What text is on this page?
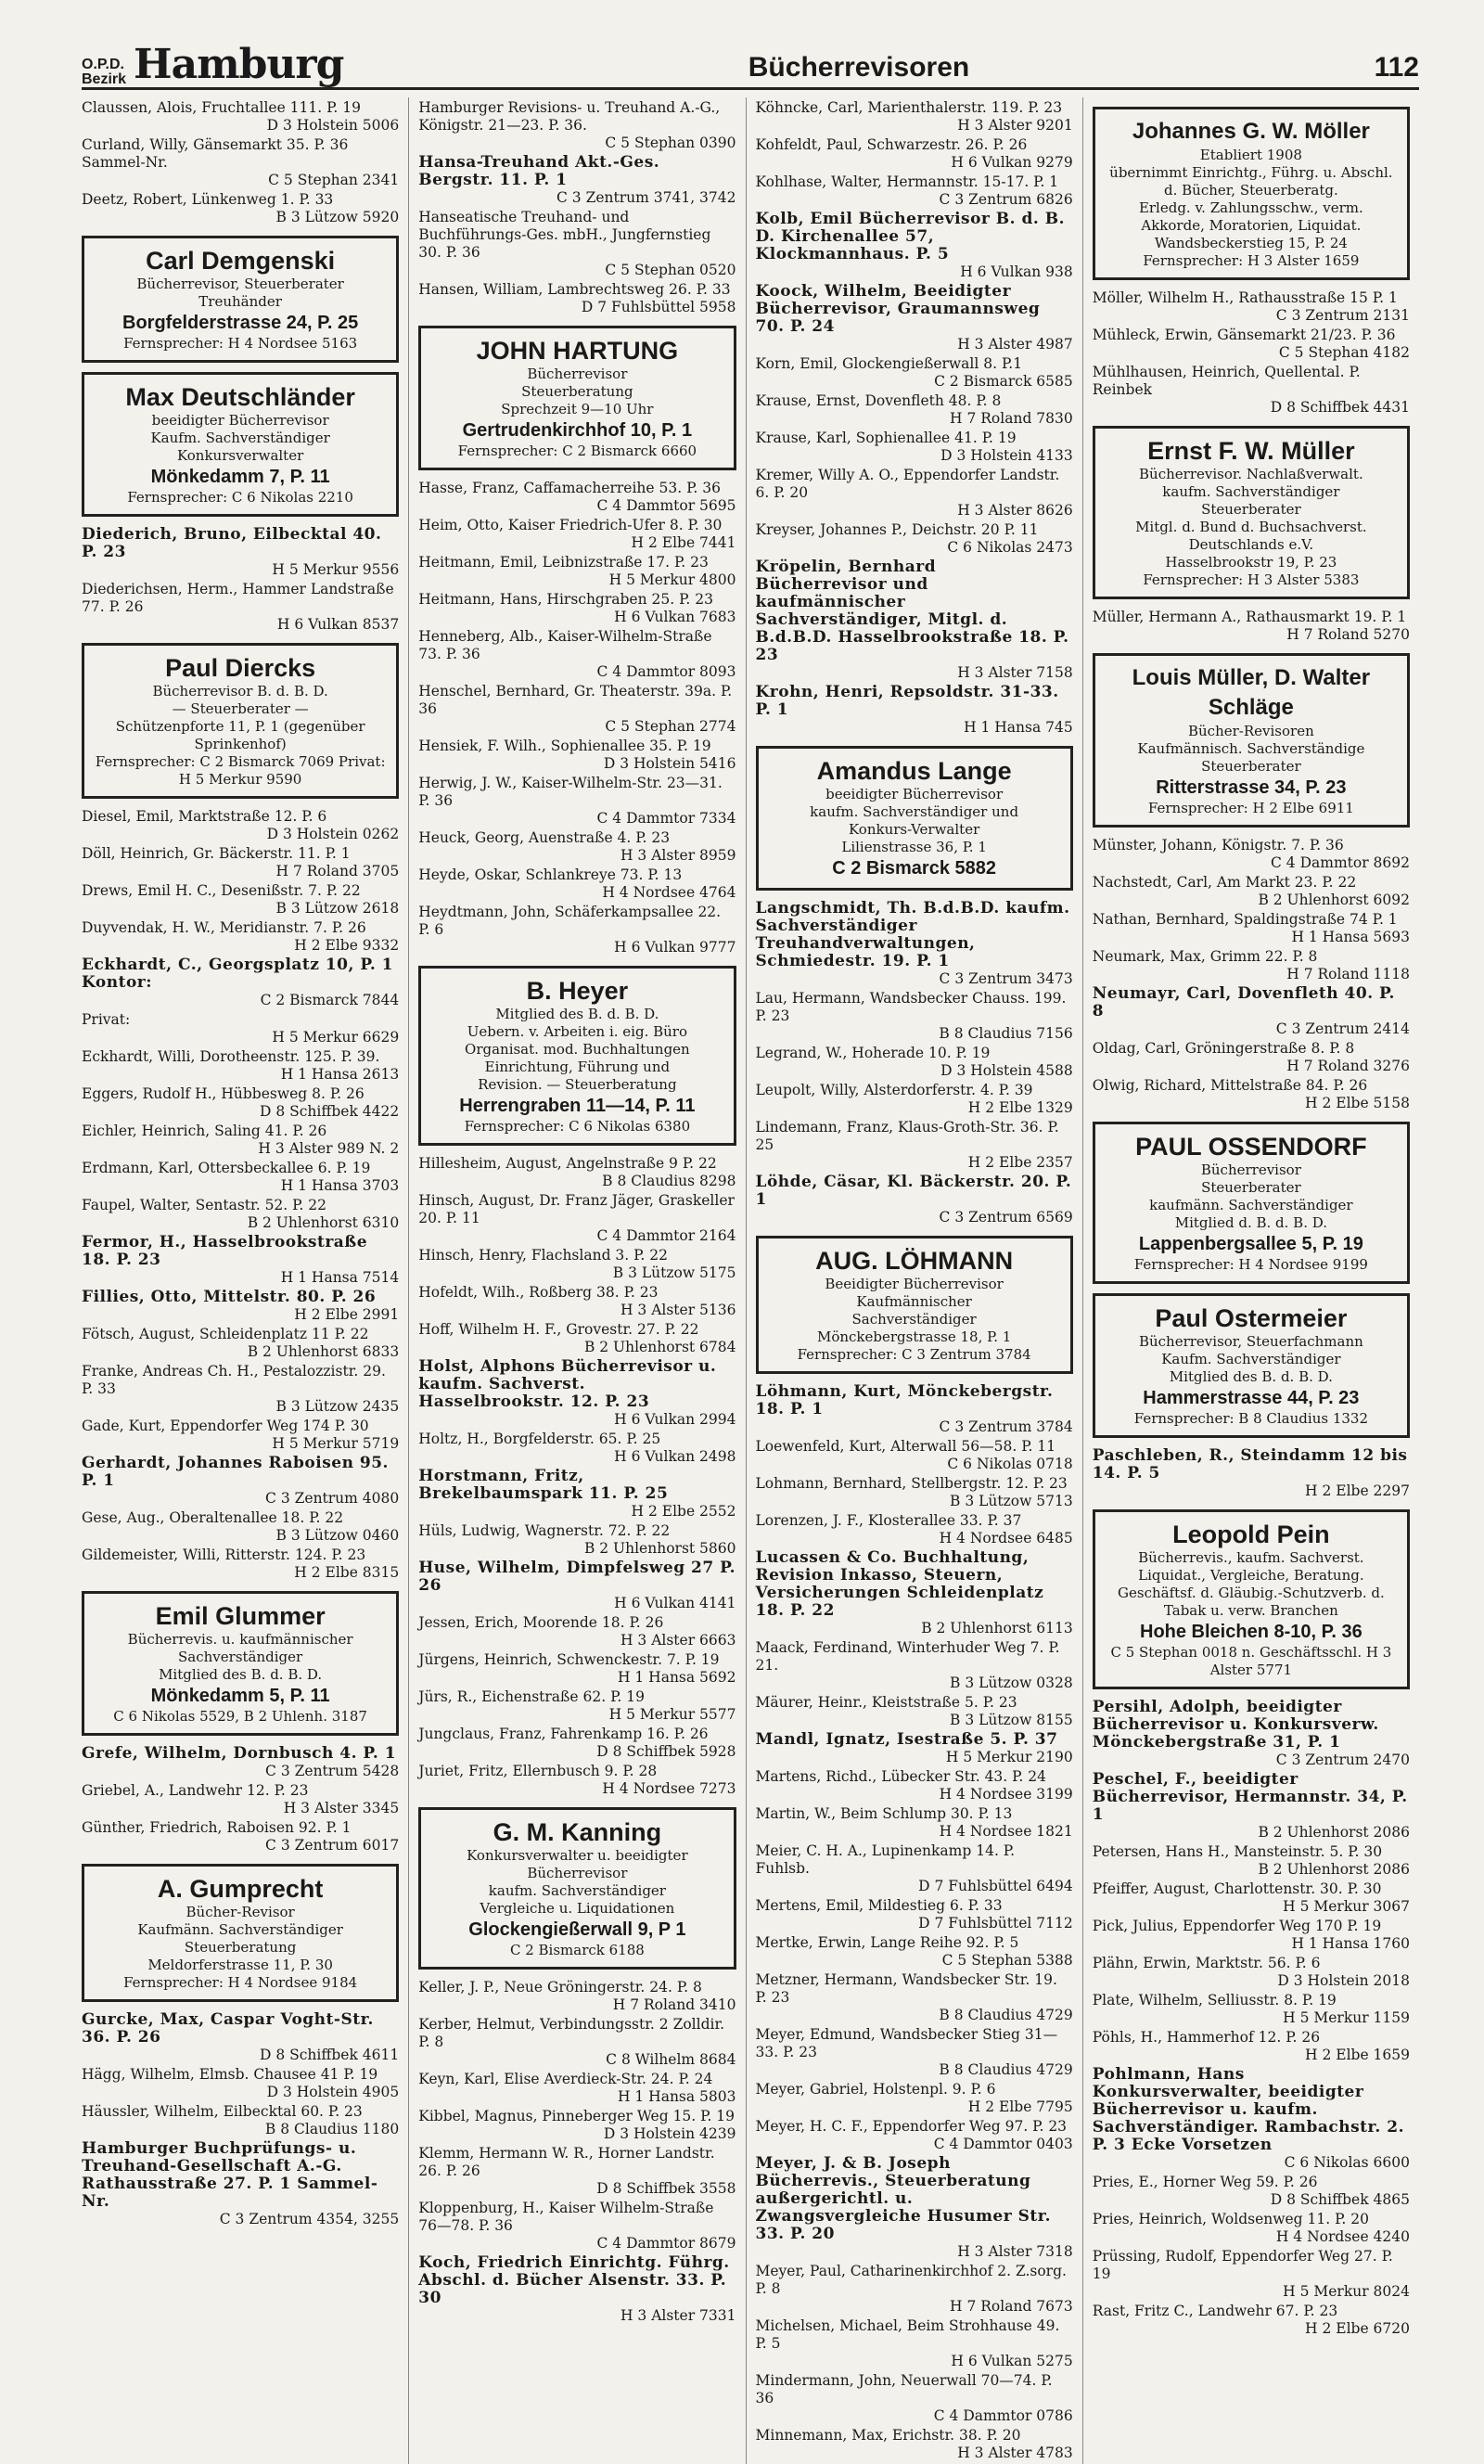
O.P.D.
Bezirk Hamburg	Bücherrevisoren	112
Claussen, Alois, Fruchtallee 111. P. 19
D 3 Holstein 5006
Curland, Willy, Gänsemarkt 35. P. 36 Sammel-Nr.
C 5 Stephan 2341
Deetz, Robert, Lünkenweg 1. P. 33
B 3 Lützow 5920
Carl Demgenski
Bücherrevisor, Steuerberater
Treuhänder
Borgfelderstrasse 24, P. 25
Fernsprecher: H 4 Nordsee 5163
Max Deutschländer
beeidigter Bücherrevisor
Kaufm. Sachverständiger
Konkursverwalter
Mönkedamm 7, P. 11
Fernsprecher: C 6 Nikolas 2210
Diederich, Bruno, Eilbecktal 40. P. 23
H 5 Merkur 9556
Diederichsen, Herm., Hammer Landstraße 77. P. 26
H 6 Vulkan 8537
Paul Diercks
Bücherrevisor B. d. B. D.
— Steuerberater —
Schützenpforte 11, P. 1 (gegenüber Sprinkenhof)
Fernsprecher: C 2 Bismarck 7069 Privat: H 5 Merkur 9590
Diesel, Emil, Marktstraße 12. P. 6
D 3 Holstein 0262
Döll, Heinrich, Gr. Bäckerstr. 11. P. 1
H 7 Roland 3705
Drews, Emil H. C., Desenißstr. 7. P. 22
B 3 Lützow 2618
Duyvendak, H. W., Meridianstr. 7. P. 26
H 2 Elbe 9332
Eckhardt, C., Georgsplatz 10, P. 1 Kontor:
C 2 Bismarck 7844
Privat:
H 5 Merkur 6629
Eckhardt, Willi, Dorotheenstr. 125. P. 39.
H 1 Hansa 2613
Eggers, Rudolf H., Hübbesweg 8. P. 26
D 8 Schiffbek 4422
Eichler, Heinrich, Saling 41. P. 26
H 3 Alster 989 N. 2
Erdmann, Karl, Ottersbeckallee 6. P. 19
H 1 Hansa 3703
Faupel, Walter, Sentastr. 52. P. 22
B 2 Uhlenhorst 6310
Fermor, H., Hasselbrookstraße 18. P. 23
H 1 Hansa 7514
Fillies, Otto, Mittelstr. 80. P. 26
H 2 Elbe 2991
Fötsch, August, Schleidenplatz 11 P. 22
B 2 Uhlenhorst 6833
Franke, Andreas Ch. H., Pestalozzistr. 29. P. 33
B 3 Lützow 2435
Gade, Kurt, Eppendorfer Weg 174 P. 30
H 5 Merkur 5719
Gerhardt, Johannes Raboisen 95. P. 1
C 3 Zentrum 4080
Gese, Aug., Oberaltenallee 18. P. 22
B 3 Lützow 0460
Gildemeister, Willi, Ritterstr. 124. P. 23
H 2 Elbe 8315
Emil Glummer
Bücherrevis. u. kaufmännischer
Sachverständiger
Mitglied des B. d. B. D.
Mönkedamm 5, P. 11
C 6 Nikolas 5529, B 2 Uhlenh. 3187
Grefe, Wilhelm, Dornbusch 4. P. 1
C 3 Zentrum 5428
Griebel, A., Landwehr 12. P. 23
H 3 Alster 3345
Günther, Friedrich, Raboisen 92. P. 1
C 3 Zentrum 6017
A. Gumprecht
Bücher-Revisor
Kaufmänn. Sachverständiger
Steuerberatung
Meldorferstrasse 11, P. 30
Fernsprecher: H 4 Nordsee 9184
Gurcke, Max, Caspar Voght-Str. 36. P. 26
D 8 Schiffbek 4611
Hägg, Wilhelm, Elmsb. Chausee 41 P. 19
D 3 Holstein 4905
Häussler, Wilhelm, Eilbecktal 60. P. 23
B 8 Claudius 1180
Hamburger Buchprüfungs- u. Treuhand-Gesellschaft A.-G. Rathausstraße 27. P. 1 Sammel-Nr.
C 3 Zentrum 4354, 3255
Hamburger Revisions- u. Treuhand A.-G., Königstr. 21—23. P. 36.
C 5 Stephan 0390
Hansa-Treuhand Akt.-Ges. Bergstr. 11. P. 1
C 3 Zentrum 3741, 3742
Hanseatische Treuhand- und Buchführungs-Ges. mbH., Jungfernstieg 30. P. 36
C 5 Stephan 0520
Hansen, William, Lambrechtsweg 26. P. 33
D 7 Fuhlsbüttel 5958
JOHN HARTUNG
Bücherrevisor
Steuerberatung
Sprechzeit 9—10 Uhr
Gertrudenkirchhof 10, P. 1
Fernsprecher: C 2 Bismarck 6660
Hasse, Franz, Caffamacherreihe 53. P. 36
C 4 Dammtor 5695
Heim, Otto, Kaiser Friedrich-Ufer 8. P. 30
H 2 Elbe 7441
Heitmann, Emil, Leibnizstraße 17. P. 23
H 5 Merkur 4800
Heitmann, Hans, Hirschgraben 25. P. 23
H 6 Vulkan 7683
Henneberg, Alb., Kaiser-Wilhelm-Straße 73. P. 36
C 4 Dammtor 8093
Henschel, Bernhard, Gr. Theaterstr. 39a. P. 36
C 5 Stephan 2774
Hensiek, F. Wilh., Sophienallee 35. P. 19
D 3 Holstein 5416
Herwig, J. W., Kaiser-Wilhelm-Str. 23—31. P. 36
C 4 Dammtor 7334
Heuck, Georg, Auenstraße 4. P. 23
H 3 Alster 8959
Heyde, Oskar, Schlankreye 73. P. 13
H 4 Nordsee 4764
Heydtmann, John, Schäferkampsallee 22. P. 6
H 6 Vulkan 9777
B. Heyer
Mitglied des B. d. B. D.
Uebern. v. Arbeiten i. eig. Büro
Organisat. mod. Buchhaltungen
Einrichtung, Führung und
Revision. — Steuerberatung
Herrengraben 11—14, P. 11
Fernsprecher: C 6 Nikolas 6380
Hillesheim, August, Angelnstraße 9 P. 22
B 8 Claudius 8298
Hinsch, August, Dr. Franz Jäger, Graskeller 20. P. 11
C 4 Dammtor 2164
Hinsch, Henry, Flachsland 3. P. 22
B 3 Lützow 5175
Hofeldt, Wilh., Roßberg 38. P. 23
H 3 Alster 5136
Hoff, Wilhelm H. F., Grovestr. 27. P. 22
B 2 Uhlenhorst 6784
Holst, Alphons Bücherrevisor u. kaufm. Sachverst. Hasselbrookstr. 12. P. 23
H 6 Vulkan 2994
Holtz, H., Borgfelderstr. 65. P. 25
H 6 Vulkan 2498
Horstmann, Fritz, Brekelbaumspark 11. P. 25
H 2 Elbe 2552
Hüls, Ludwig, Wagnerstr. 72. P. 22
B 2 Uhlenhorst 5860
Huse, Wilhelm, Dimpfelsweg 27 P. 26
H 6 Vulkan 4141
Jessen, Erich, Moorende 18. P. 26
H 3 Alster 6663
Jürgens, Heinrich, Schwenckestr. 7. P. 19
H 1 Hansa 5692
Jürs, R., Eichenstraße 62. P. 19
H 5 Merkur 5577
Jungclaus, Franz, Fahrenkamp 16. P. 26
D 8 Schiffbek 5928
Juriet, Fritz, Ellernbusch 9. P. 28
H 4 Nordsee 7273
G. M. Kanning
Konkursverwalter u. beeidigter
Bücherrevisor
kaufm. Sachverständiger
Vergleiche u. Liquidationen
Glockengießerwall 9, P 1
C 2 Bismarck 6188
Keller, J. P., Neue Gröningerstr. 24. P. 8
H 7 Roland 3410
Kerber, Helmut, Verbindungsstr. 2 Zolldir. P. 8
C 8 Wilhelm 8684
Keyn, Karl, Elise Averdieck-Str. 24. P. 24
H 1 Hansa 5803
Kibbel, Magnus, Pinneberger Weg 15. P. 19
D 3 Holstein 4239
Klemm, Hermann W. R., Horner Landstr. 26. P. 26
D 8 Schiffbek 3558
Kloppenburg, H., Kaiser Wilhelm-Straße 76—78. P. 36
C 4 Dammtor 8679
Koch, Friedrich Einrichtg. Führg. Abschl. d. Bücher Alsenstr. 33. P. 30
H 3 Alster 7331
Köhncke, Carl, Marienthalerstr. 119. P. 23
H 3 Alster 9201
Kohfeldt, Paul, Schwarzestr. 26. P. 26
H 6 Vulkan 9279
Kohlhase, Walter, Hermannstr. 15-17. P. 1
C 3 Zentrum 6826
Kolb, Emil Bücherrevisor B. d. B. D. Kirchenallee 57, Klockmannhaus. P. 5
H 6 Vulkan 938
Koock, Wilhelm, Beeidigter Bücherrevisor, Graumannsweg 70. P. 24
H 3 Alster 4987
Korn, Emil, Glockengießerwall 8. P.1
C 2 Bismarck 6585
Krause, Ernst, Dovenfleth 48. P. 8
H 7 Roland 7830
Krause, Karl, Sophienallee 41. P. 19
D 3 Holstein 4133
Kremer, Willy A. O., Eppendorfer Landstr. 6. P. 20
H 3 Alster 8626
Kreyser, Johannes P., Deichstr. 20 P. 11
C 6 Nikolas 2473
Kröpelin, Bernhard Bücherrevisor und kaufmännischer Sachverständiger, Mitgl. d. B.d.B.D. Hasselbrookstraße 18. P. 23
H 3 Alster 7158
Krohn, Henri, Repsoldstr. 31-33. P. 1
H 1 Hansa 745
Amandus Lange
beeidigter Bücherrevisor
kaufm. Sachverständiger und
Konkurs-Verwalter
Lilienstrasse 36, P. 1
C 2 Bismarck 5882
Langschmidt, Th. B.d.B.D. kaufm. Sachverständiger Treuhandverwaltungen, Schmiedestr. 19. P. 1
C 3 Zentrum 3473
Lau, Hermann, Wandsbecker Chauss. 199. P. 23
B 8 Claudius 7156
Legrand, W., Hoherade 10. P. 19
D 3 Holstein 4588
Leupolt, Willy, Alsterdorferstr. 4. P. 39
H 2 Elbe 1329
Lindemann, Franz, Klaus-Groth-Str. 36. P. 25
H 2 Elbe 2357
Löhde, Cäsar, Kl. Bäckerstr. 20. P. 1
C 3 Zentrum 6569
AUG. LÖHMANN
Beeidigter Bücherrevisor
Kaufmännischer
Sachverständiger
Mönckebergstrasse 18, P. 1
Fernsprecher: C 3 Zentrum 3784
Löhmann, Kurt, Mönckebergstr. 18. P. 1
C 3 Zentrum 3784
Loewenfeld, Kurt, Alterwall 56—58. P. 11
C 6 Nikolas 0718
Lohmann, Bernhard, Stellbergstr. 12. P. 23
B 3 Lützow 5713
Lorenzen, J. F., Klosterallee 33. P. 37
H 4 Nordsee 6485
Lucassen & Co. Buchhaltung, Revision Inkasso, Steuern, Versicherungen Schleidenplatz 18. P. 22
B 2 Uhlenhorst 6113
Maack, Ferdinand, Winterhuder Weg 7. P. 21.
B 3 Lützow 0328
Mäurer, Heinr., Kleiststraße 5. P. 23
B 3 Lützow 8155
Mandl, Ignatz, Isestraße 5. P. 37
H 5 Merkur 2190
Martens, Richd., Lübecker Str. 43. P. 24
H 4 Nordsee 3199
Martin, W., Beim Schlump 30. P. 13
H 4 Nordsee 1821
Meier, C. H. A., Lupinenkamp 14. P. Fuhlsb.
D 7 Fuhlsbüttel 6494
Mertens, Emil, Mildestieg 6. P. 33
D 7 Fuhlsbüttel 7112
Mertke, Erwin, Lange Reihe 92. P. 5
C 5 Stephan 5388
Metzner, Hermann, Wandsbecker Str. 19. P. 23
B 8 Claudius 4729
Meyer, Edmund, Wandsbecker Stieg 31—33. P. 23
B 8 Claudius 4729
Meyer, Gabriel, Holstenpl. 9. P. 6
H 2 Elbe 7795
Meyer, H. C. F., Eppendorfer Weg 97. P. 23
C 4 Dammtor 0403
Meyer, J. & B. Joseph Bücherrevis., Steuerberatung außergerichtl. u. Zwangsvergleiche Husumer Str. 33. P. 20
H 3 Alster 7318
Meyer, Paul, Catharinenkirchhof 2. Z.sorg. P. 8
H 7 Roland 7673
Michelsen, Michael, Beim Strohhause 49. P. 5
H 6 Vulkan 5275
Mindermann, John, Neuerwall 70—74. P. 36
C 4 Dammtor 0786
Minnemann, Max, Erichstr. 38. P. 20
H 3 Alster 4783
Johannes G. W. Möller
Etabliert 1908
übernimmt Einrichtg., Führg. u. Abschl. d. Bücher, Steuerberatg.
Erledg. v. Zahlungsschw., verm.
Akkorde, Moratorien, Liquidat.
Wandsbeckerstieg 15, P. 24
Fernsprecher: H 3 Alster 1659
Möller, Wilhelm H., Rathausstraße 15 P. 1
C 3 Zentrum 2131
Mühleck, Erwin, Gänsemarkt 21/23. P. 36
C 5 Stephan 4182
Mühlhausen, Heinrich, Quellental. P. Reinbek
D 8 Schiffbek 4431
Ernst F. W. Müller
Bücherrevisor. Nachlaßverwalt.
kaufm. Sachverständiger
Steuerberater
Mitgl. d. Bund d. Buchsachverst. Deutschlands e.V.
Hasselbrookstr 19, P. 23
Fernsprecher: H 3 Alster 5383
Müller, Hermann A., Rathausmarkt 19. P. 1
H 7 Roland 5270
Louis Müller, D. Walter Schläge
Bücher-Revisoren
Kaufmännisch. Sachverständige
Steuerberater
Ritterstrasse 34, P. 23
Fernsprecher: H 2 Elbe 6911
Münster, Johann, Königstr. 7. P. 36
C 4 Dammtor 8692
Nachstedt, Carl, Am Markt 23. P. 22
B 2 Uhlenhorst 6092
Nathan, Bernhard, Spaldingstraße 74 P. 1
H 1 Hansa 5693
Neumark, Max, Grimm 22. P. 8
H 7 Roland 1118
Neumayr, Carl, Dovenfleth 40. P. 8
C 3 Zentrum 2414
Oldag, Carl, Gröningerstraße 8. P. 8
H 7 Roland 3276
Olwig, Richard, Mittelstraße 84. P. 26
H 2 Elbe 5158
PAUL OSSENDORF
Bücherrevisor
Steuerberater
kaufmänn. Sachverständiger
Mitglied d. B. d. B. D.
Lappenbergsallee 5, P. 19
Fernsprecher: H 4 Nordsee 9199
Paul Ostermeier
Bücherrevisor, Steuerfachmann
Kaufm. Sachverständiger
Mitglied des B. d. B. D.
Hammerstrasse 44, P. 23
Fernsprecher: B 8 Claudius 1332
Paschleben, R., Steindamm 12 bis 14. P. 5
H 2 Elbe 2297
Leopold Pein
Bücherrevis., kaufm. Sachverst.
Liquidat., Vergleiche, Beratung.
Geschäftsf. d. Gläubig.-Schutzverb. d. Tabak u. verw. Branchen
Hohe Bleichen 8-10, P. 36
C 5 Stephan 0018 n. Geschäftsschl. H 3 Alster 5771
Persihl, Adolph, beeidigter Bücherrevisor u. Konkursverw. Mönckebergstraße 31, P. 1
C 3 Zentrum 2470
Peschel, F., beeidigter Bücherrevisor, Hermannstr. 34, P. 1
B 2 Uhlenhorst 2086
Petersen, Hans H., Mansteinstr. 5. P. 30
B 2 Uhlenhorst 2086
Pfeiffer, August, Charlottenstr. 30. P. 30
H 5 Merkur 3067
Pick, Julius, Eppendorfer Weg 170 P. 19
H 1 Hansa 1760
Plähn, Erwin, Marktstr. 56. P. 6
D 3 Holstein 2018
Plate, Wilhelm, Selliusstr. 8. P. 19
H 5 Merkur 1159
Pöhls, H., Hammerhof 12. P. 26
H 2 Elbe 1659
Pohlmann, Hans Konkursverwalter, beeidigter Bücherrevisor u. kaufm. Sachverständiger. Rambachstr. 2. P. 3 Ecke Vorsetzen
C 6 Nikolas 6600
Pries, E., Horner Weg 59. P. 26
D 8 Schiffbek 4865
Pries, Heinrich, Woldsenweg 11. P. 20
H 4 Nordsee 4240
Prüssing, Rudolf, Eppendorfer Weg 27. P. 19
H 5 Merkur 8024
Rast, Fritz C., Landwehr 67. P. 23
H 2 Elbe 6720
